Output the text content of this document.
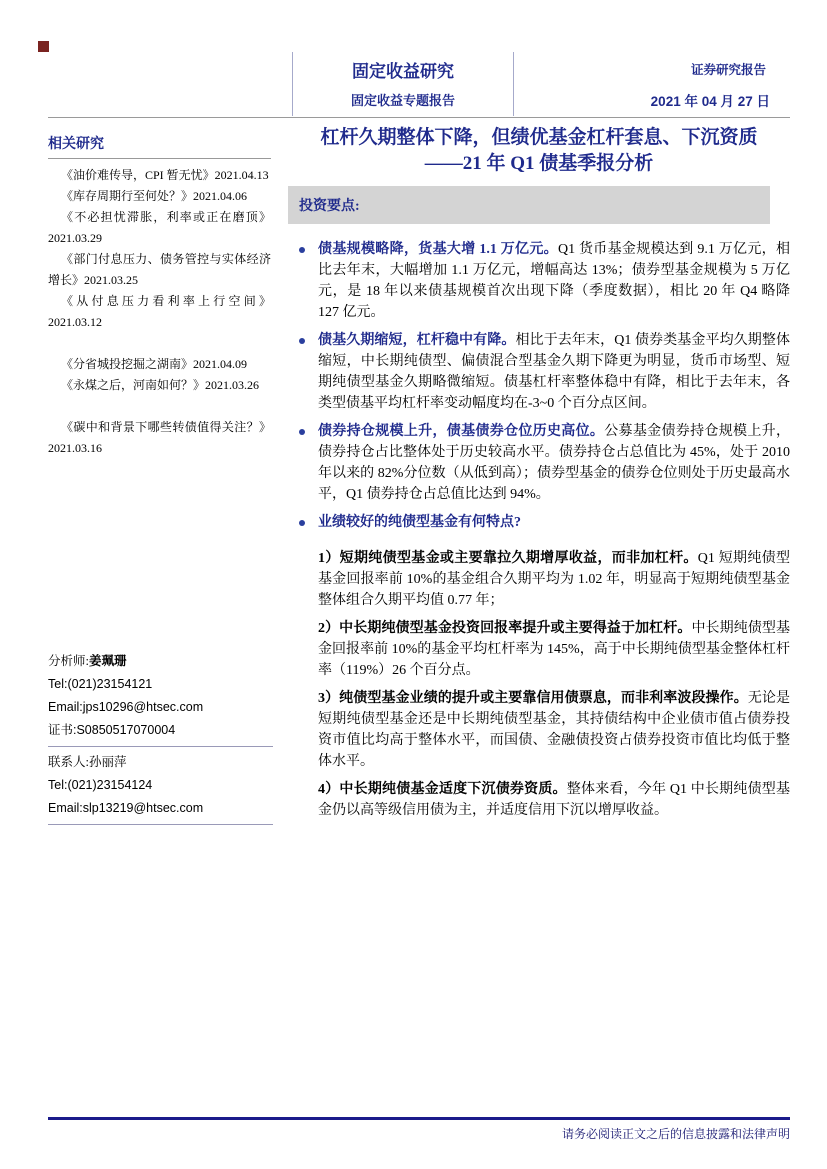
固定收益研究
固定收益专题报告
证券研究报告
2021 年 04 月 27 日
相关研究
《油价难传导，CPI 暂无忧》2021.04.13
《库存周期行至何处？》2021.04.06
《不必担忧滞胀，利率或正在磨顶》2021.03.29
《部门付息压力、债务管控与实体经济增长》2021.03.25
《从付息压力看利率上行空间》2021.03.12
《分省城投挖掘之湖南》2021.04.09
《永煤之后，河南如何？》2021.03.26
《碳中和背景下哪些转债值得关注？》2021.03.16
分析师:姜珮珊
Tel:(021)23154121
Email:jps10296@htsec.com
证书:S0850517070004
联系人:孙丽萍
Tel:(021)23154124
Email:slp13219@htsec.com
杠杆久期整体下降，但绩优基金杠杆套息、下沉资质
——21 年 Q1 债基季报分析
投资要点:
债基规模略降，货基大增 1.1 万亿元。Q1 货币基金规模达到 9.1 万亿元，相比去年末，大幅增加 1.1 万亿元，增幅高达 13%；债券型基金规模为 5 万亿元，是 18 年以来债基规模首次出现下降（季度数据），相比 20 年 Q4 略降 127 亿元。
债基久期缩短，杠杆稳中有降。相比于去年末，Q1 债券类基金平均久期整体缩短，中长期纯债型、偏债混合型基金久期下降更为明显，货币市场型、短期纯债型基金久期略微缩短。债基杠杆率整体稳中有降，相比于去年末，各类型债基平均杠杆率变动幅度均在-3~0 个百分点区间。
债券持仓规模上升，债基债券仓位历史高位。公募基金债券持仓规模上升，债券持仓占比整体处于历史较高水平。债券持仓占总值比为 45%，处于 2010 年以来的 82%分位数（从低到高）；债券型基金的债券仓位则处于历史最高水平，Q1 债券持仓占总值比达到 94%。
业绩较好的纯债型基金有何特点?
1）短期纯债型基金或主要靠拉久期增厚收益，而非加杠杆。Q1 短期纯债型基金回报率前 10%的基金组合久期平均为 1.02 年，明显高于短期纯债型基金整体组合久期平均值 0.77 年；
2）中长期纯债型基金投资回报率提升或主要得益于加杠杆。中长期纯债型基金回报率前 10%的基金平均杠杆率为 145%，高于中长期纯债型基金整体杠杆率（119%）26 个百分点。
3）纯债型基金业绩的提升或主要靠信用债票息，而非利率波段操作。无论是短期纯债型基金还是中长期纯债型基金，其持债结构中企业债市值占债券投资市值比均高于整体水平，而国债、金融债投资占债券投资市值比均低于整体水平。
4）中长期纯债基金适度下沉债券资质。整体来看，今年 Q1 中长期纯债型基金仍以高等级信用债为主，并适度信用下沉以增厚收益。
请务必阅读正文之后的信息披露和法律声明
